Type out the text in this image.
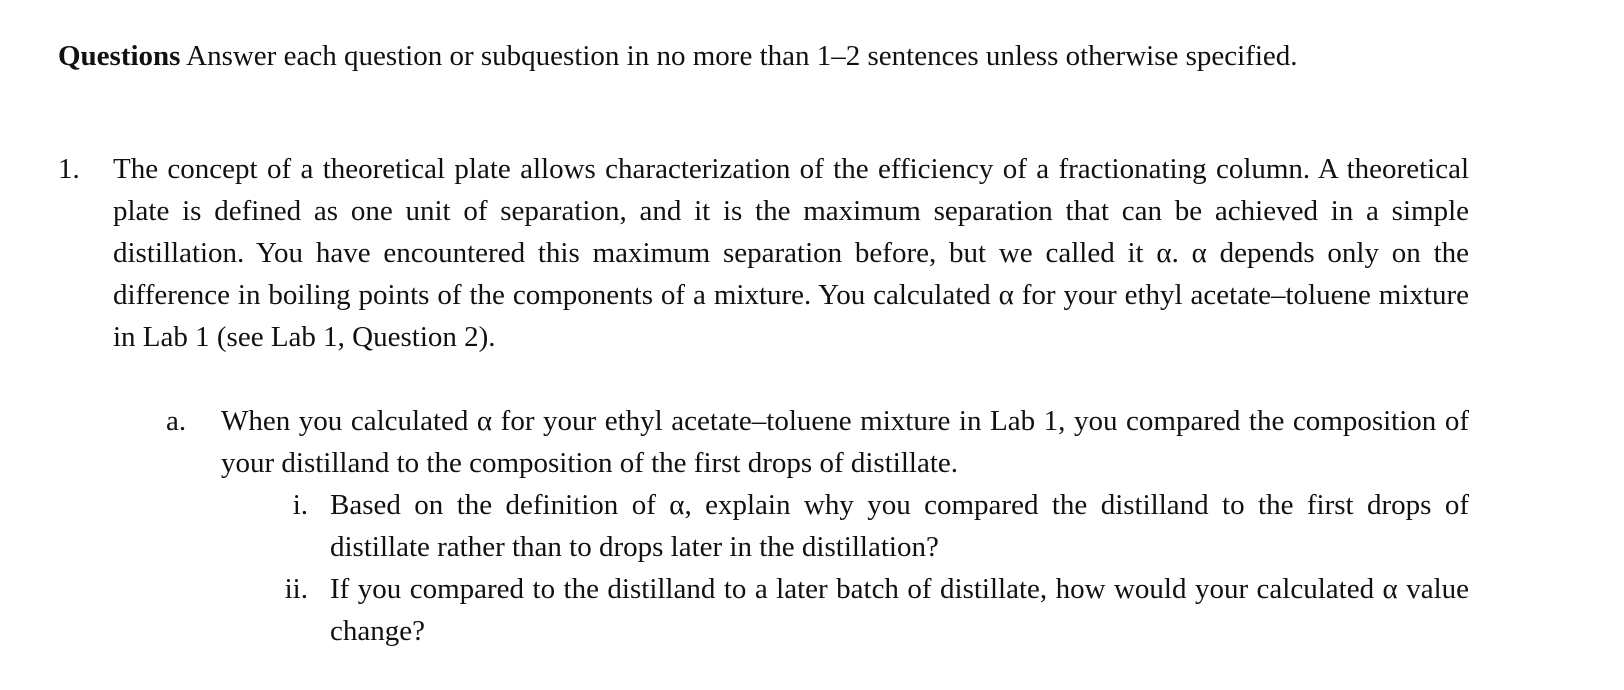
Questions Answer each question or subquestion in no more than 1–2 sentences unless otherwise specified.
1. The concept of a theoretical plate allows characterization of the efficiency of a fractionating column. A theoretical plate is defined as one unit of separation, and it is the maximum separation that can be achieved in a simple distillation. You have encountered this maximum separation before, but we called it α. α depends only on the difference in boiling points of the components of a mixture. You calculated α for your ethyl acetate–toluene mixture in Lab 1 (see Lab 1, Question 2).
a. When you calculated α for your ethyl acetate–toluene mixture in Lab 1, you compared the composition of your distilland to the composition of the first drops of distillate.
i. Based on the definition of α, explain why you compared the distilland to the first drops of distillate rather than to drops later in the distillation?
ii. If you compared to the distilland to a later batch of distillate, how would your calculated α value change?
